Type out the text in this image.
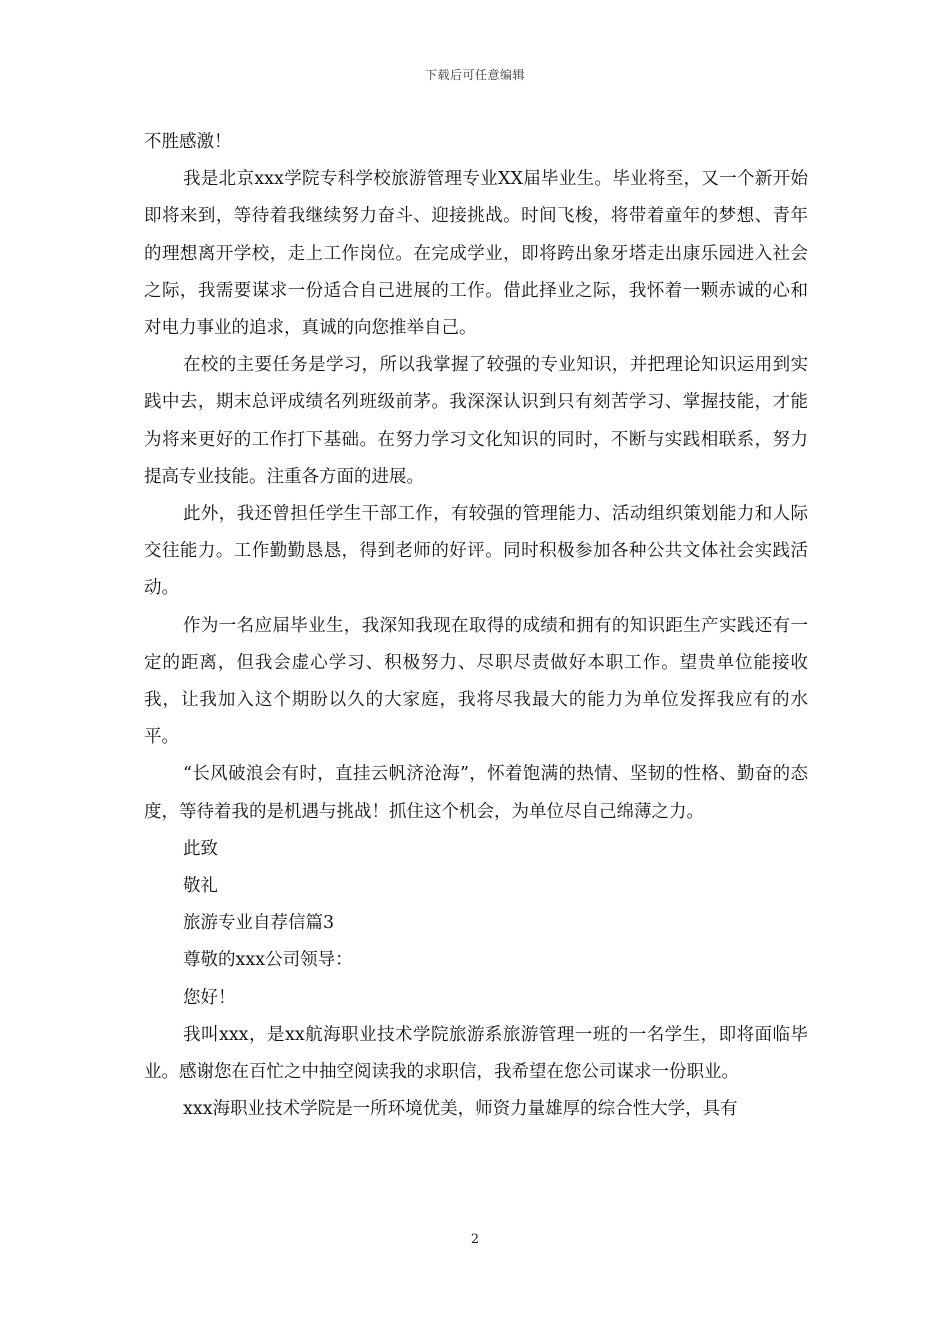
下载后可任意编辑

不胜感激！

我是北京xxx学院专科学校旅游管理专业XX届毕业生。毕业将至，又一个新开始即将来到，等待着我继续努力奋斗、迎接挑战。时间飞梭，将带着童年的梦想、青年的理想离开学校，走上工作岗位。在完成学业，即将跨出象牙塔走出康乐园进入社会之际，我需要谋求一份适合自己进展的工作。借此择业之际，我怀着一颗赤诚的心和对电力事业的追求，真诚的向您推举自己。

在校的主要任务是学习，所以我掌握了较强的专业知识，并把理论知识运用到实践中去，期末总评成绩名列班级前茅。我深深认识到只有刻苦学习、掌握技能，才能为将来更好的工作打下基础。在努力学习文化知识的同时，不断与实践相联系，努力提高专业技能。注重各方面的进展。

此外，我还曾担任学生干部工作，有较强的管理能力、活动组织策划能力和人际交往能力。工作勤勤恳恳，得到老师的好评。同时积极参加各种公共文体社会实践活动。

作为一名应届毕业生，我深知我现在取得的成绩和拥有的知识距生产实践还有一定的距离，但我会虚心学习、积极努力、尽职尽责做好本职工作。望贵单位能接收我，让我加入这个期盼以久的大家庭，我将尽我最大的能力为单位发挥我应有的水平。

“长风破浪会有时，直挂云帆济沧海”，怀着饱满的热情、坚韧的性格、勤奋的态度，等待着我的是机遇与挑战！抓住这个机会，为单位尽自己绵薄之力。

此致

敬礼

旅游专业自荐信篇3

尊敬的xxx公司领导：

您好！

我叫xxx，是xx航海职业技术学院旅游系旅游管理一班的一名学生，即将面临毕业。感谢您在百忙之中抽空阅读我的求职信，我希望在您公司谋求一份职业。

xxx海职业技术学院是一所环境优美，师资力量雄厚的综合性大学，具有

2
